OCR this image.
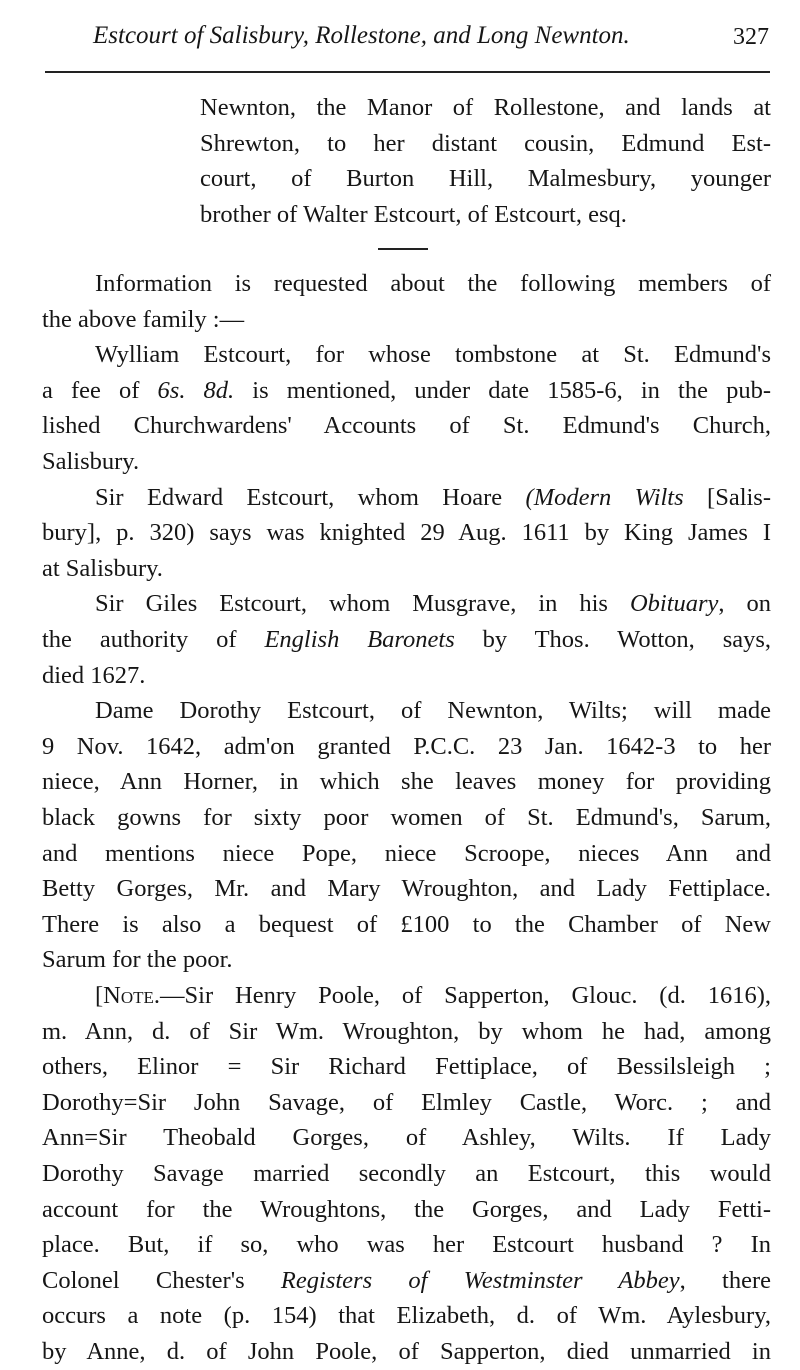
Estcourt of Salisbury, Rollestone, and Long Newnton.	327
Newnton, the Manor of Rollestone, and lands at
Shrewton, to her distant cousin, Edmund Est-
court, of Burton Hill, Malmesbury, younger
brother of Walter Estcourt, of Estcourt, esq.
Information is requested about the following members of
the above family :—
Wylliam Estcourt, for whose tombstone at St. Edmund's
a fee of 6s. 8d. is mentioned, under date 1585-6, in the pub-
lished Churchwardens' Accounts of St. Edmund's Church,
Salisbury.
Sir Edward Estcourt, whom Hoare (Modern Wilts [Salis-
bury], p. 320) says was knighted 29 Aug. 1611 by King James I
at Salisbury.
Sir Giles Estcourt, whom Musgrave, in his Obituary, on
the authority of English Baronets by Thos. Wotton, says,
died 1627.
Dame Dorothy Estcourt, of Newnton, Wilts; will made
9 Nov. 1642, adm'on granted P.C.C. 23 Jan. 1642-3 to her
niece, Ann Horner, in which she leaves money for providing
black gowns for sixty poor women of St. Edmund's, Sarum,
and mentions niece Pope, niece Scroope, nieces Ann and
Betty Gorges, Mr. and Mary Wroughton, and Lady Fettiplace.
There is also a bequest of £100 to the Chamber of New
Sarum for the poor.
[Note.—Sir Henry Poole, of Sapperton, Glouc. (d. 1616),
m. Ann, d. of Sir Wm. Wroughton, by whom he had, among
others, Elinor = Sir Richard Fettiplace, of Bessilsleigh ;
Dorothy=Sir John Savage, of Elmley Castle, Worc. ; and
Ann=Sir Theobald Gorges, of Ashley, Wilts. If Lady
Dorothy Savage married secondly an Estcourt, this would
account for the Wroughtons, the Gorges, and Lady Fetti-
place. But, if so, who was her Estcourt husband ? In
Colonel Chester's Registers of Westminster Abbey, there
occurs a note (p. 154) that Elizabeth, d. of Wm. Aylesbury,
by Anne, d. of John Poole, of Sapperton, died unmarried in
